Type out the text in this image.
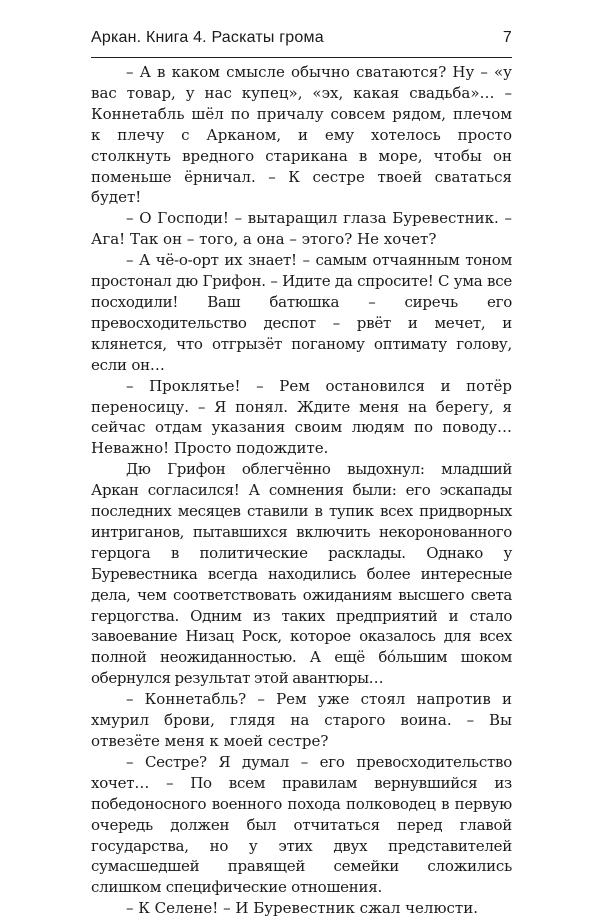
Аркан. Книга 4. Раскаты грома	7

– А в каком смысле обычно сватаются? Ну – «у вас товар, у нас купец», «эх, какая свадьба»… – Коннетабль шёл по причалу совсем рядом, плечом к плечу с Арканом, и ему хотелось просто столкнуть вредного старикана в море, чтобы он поменьше ёрничал. – К сестре твоей свататься будет!

– О Господи! – вытаращил глаза Буревестник. – Ага! Так он – того, а она – этого? Не хочет?

– А чё-о-орт их знает! – самым отчаянным тоном простонал дю Грифон. – Идите да спросите! С ума все посходили! Ваш батюшка – сиречь его превосходительство деспот – рвёт и мечет, и клянется, что отгрызёт поганому оптимату голову, если он…

– Проклятье! – Рем остановился и потёр переносицу. – Я понял. Ждите меня на берегу, я сейчас отдам указания своим людям по поводу… Неважно! Просто подождите.

Дю Грифон облегчённо выдохнул: младший Аркан согласился! А сомнения были: его эскапады последних месяцев ставили в тупик всех придворных интриганов, пытавшихся включить некоронованного герцога в политические расклады. Однако у Буревестника всегда находились более интересные дела, чем соответствовать ожиданиям высшего света герцогства. Одним из таких предприятий и стало завоевание Низац Роск, которое оказалось для всех полной неожиданностью. А ещё бóльшим шоком обернулся результат этой авантюры…

– Коннетабль? – Рем уже стоял напротив и хмурил брови, глядя на старого воина. – Вы отвезёте меня к моей сестре?

– Сестре? Я думал – его превосходительство хочет… – По всем правилам вернувшийся из победоносного военного похода полководец в первую очередь должен был отчитаться перед главой государства, но у этих двух представителей сумасшедшей правящей семейки сложились слишком специфические отношения.

– К Селене! – И Буревестник сжал челюсти.
